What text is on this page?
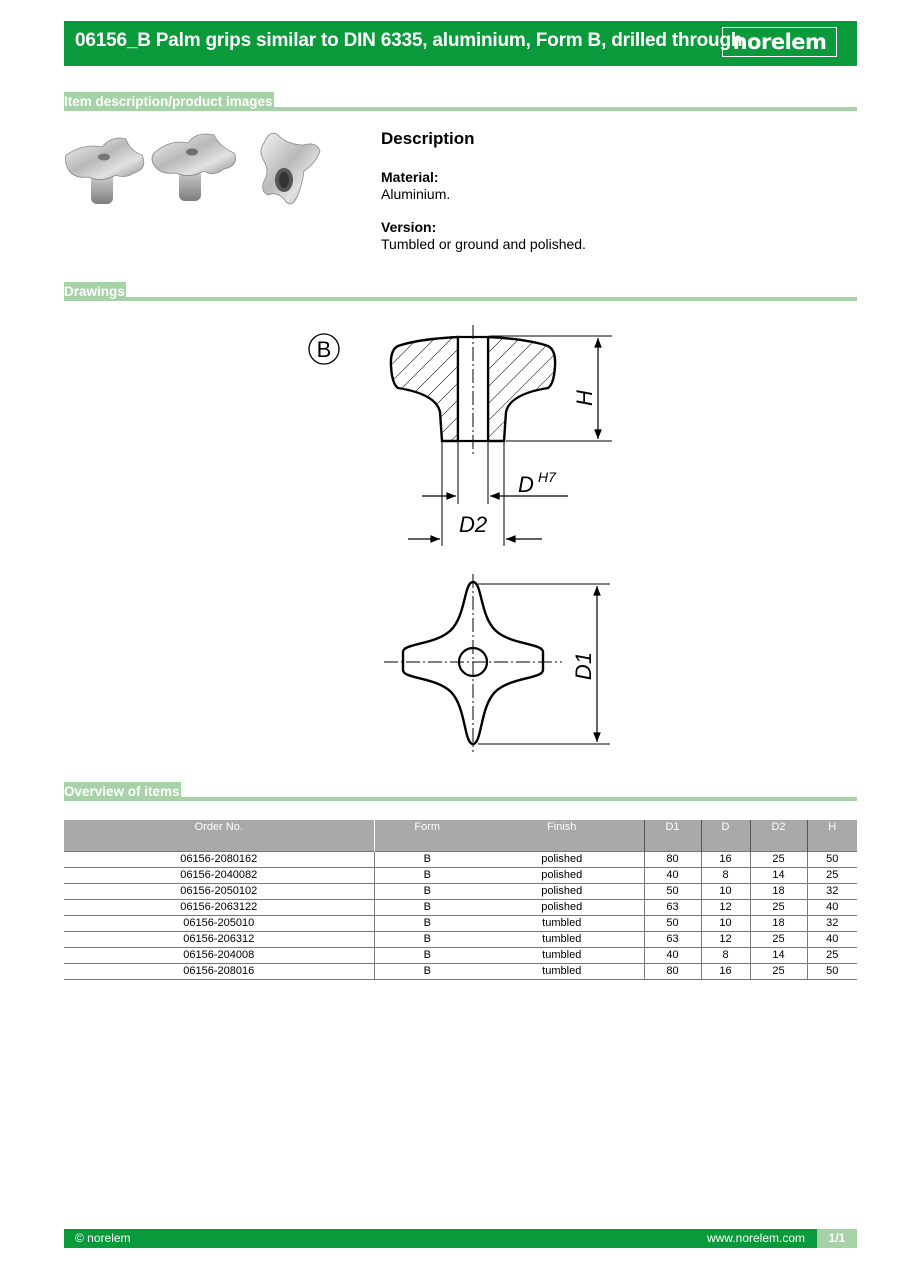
06156_B Palm grips similar to DIN 6335, aluminium, Form B, drilled through
norelem
Item description/product images
Description
Material:
Aluminium.
Version:
Tumbled or ground and polished.
Drawings
B
H
D H7
D2
D1
Overview of items
Order No.	Form	Finish	D1	D	D2	H
06156-2080162	B	polished	80	16	25	50
06156-2040082	B	polished	40	8	14	25
06156-2050102	B	polished	50	10	18	32
06156-2063122	B	polished	63	12	25	40
06156-205010	B	tumbled	50	10	18	32
06156-206312	B	tumbled	63	12	25	40
06156-204008	B	tumbled	40	8	14	25
06156-208016	B	tumbled	80	16	25	50
© norelem	www.norelem.com	1/1
